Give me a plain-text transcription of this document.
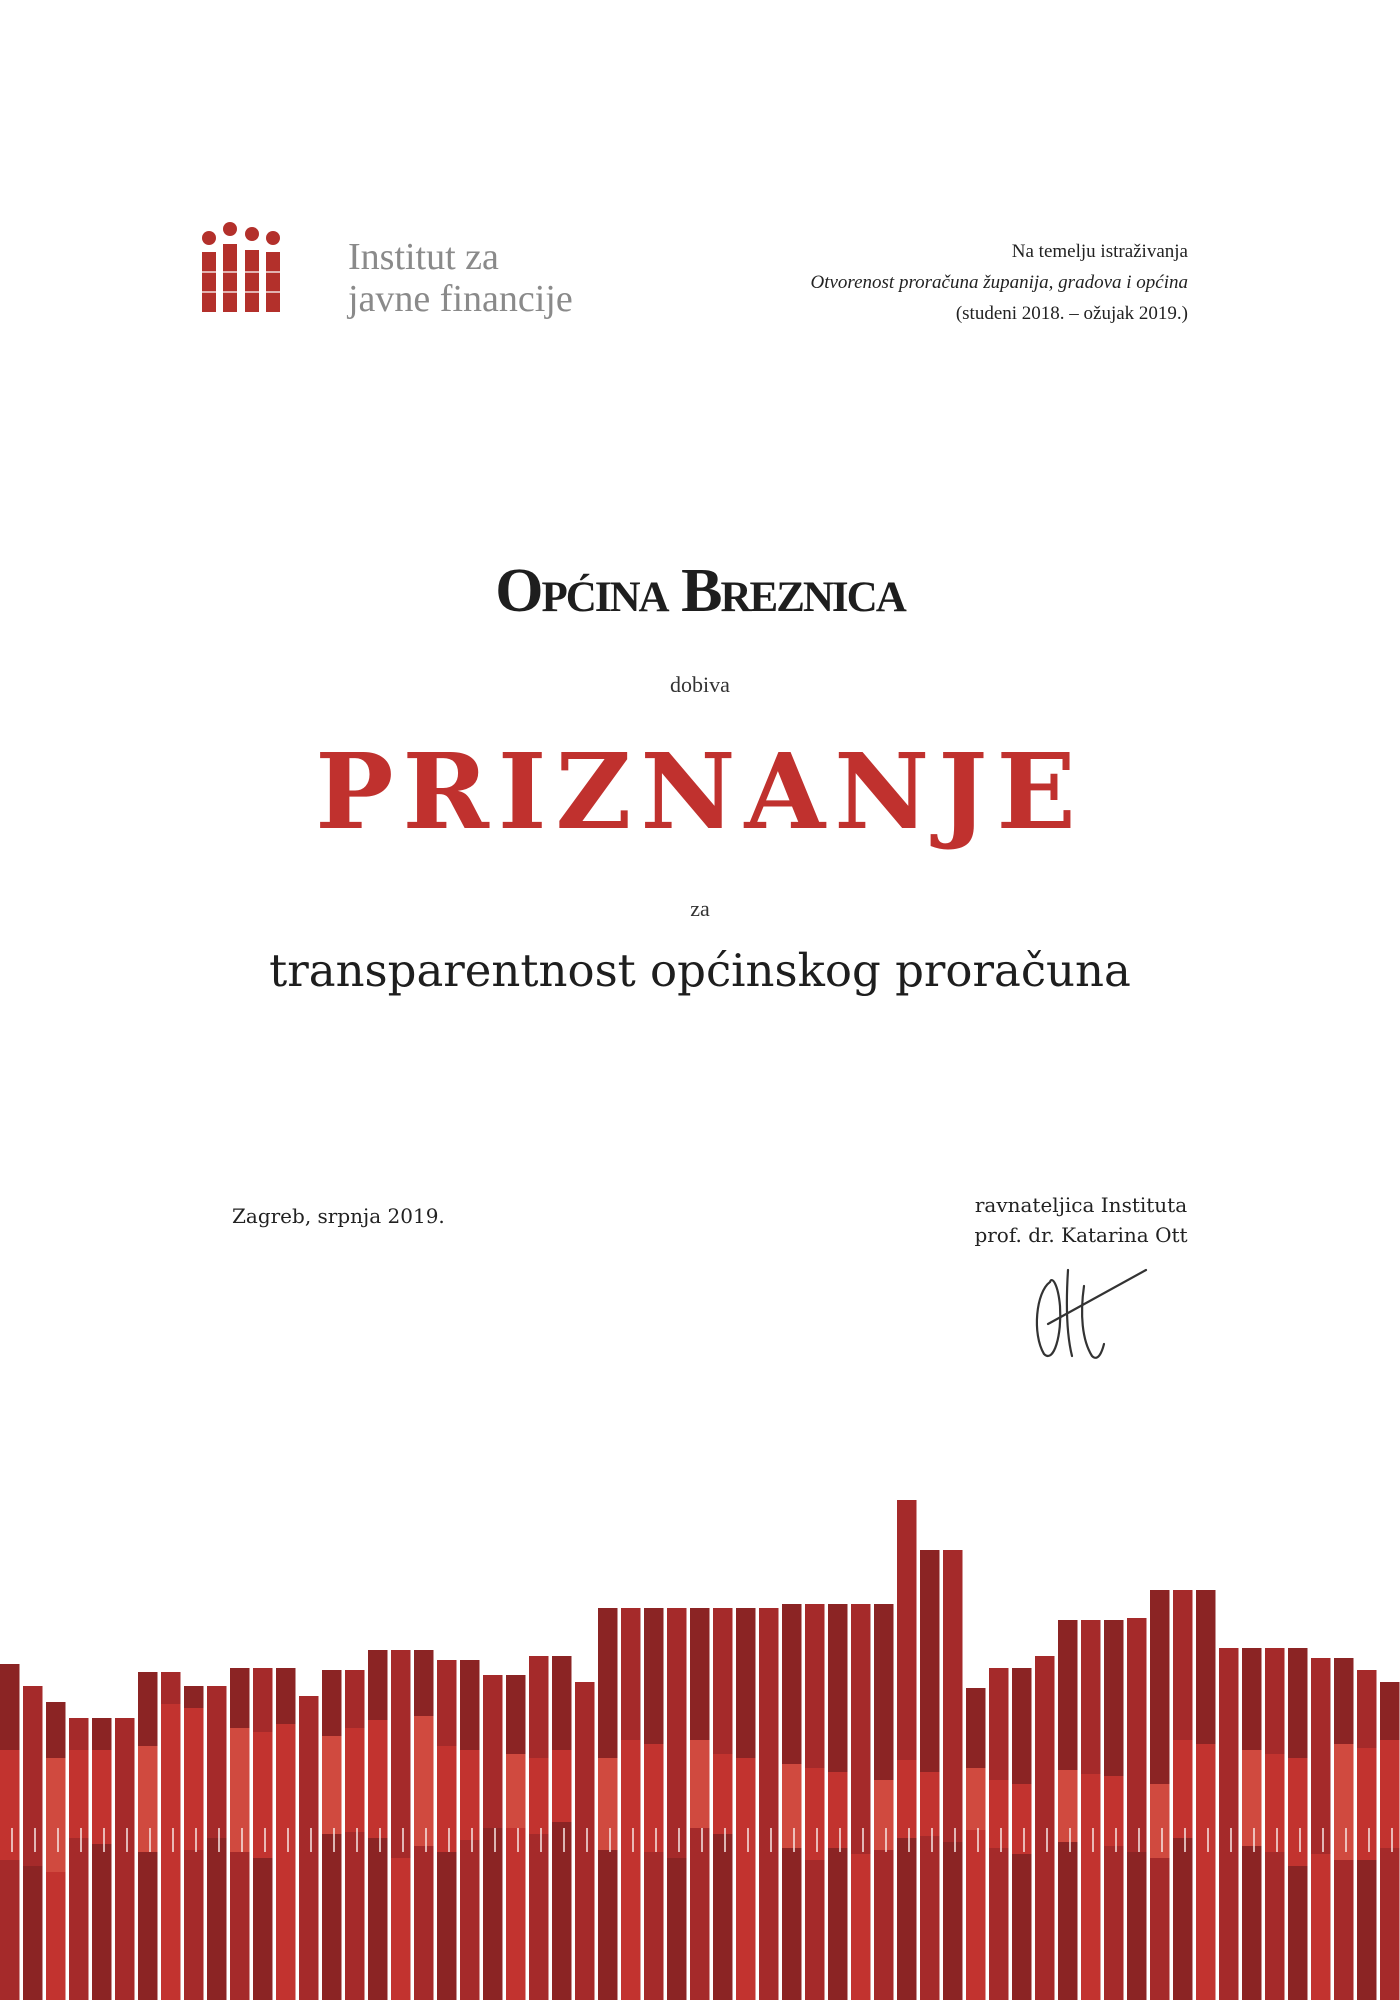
Institut za
javne financije
Na temelju istraživanja
Otvorenost proračuna županija, gradova i općina
(studeni 2018. – ožujak 2019.)
Općina Breznica
dobiva
PRIZNANJE
za
transparentnost općinskog proračuna
Zagreb, srpnja 2019.	ravnateljica Instituta
prof. dr. Katarina Ott
